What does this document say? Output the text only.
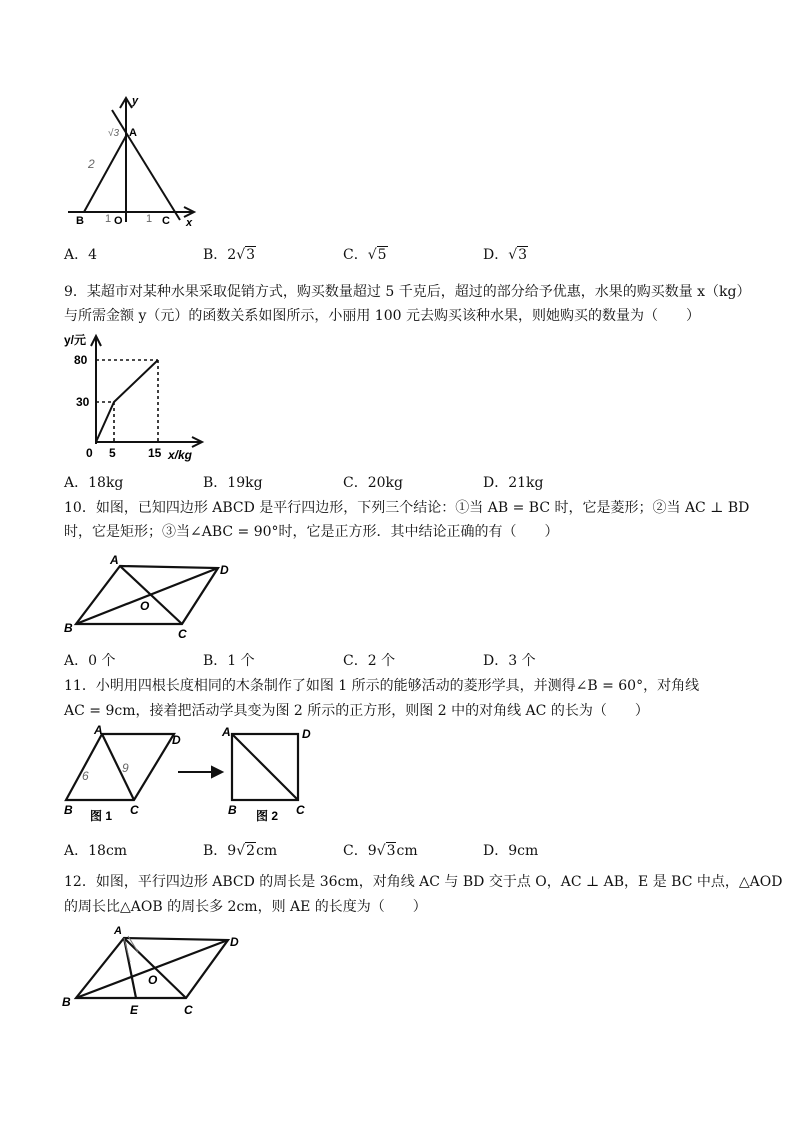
y
A
B	O	C x
√3
2
1	1
A．4	B．2√3	C．√5	D．√3
9．某超市对某种水果采取促销方式，购买数量超过 5 千克后，超过的部分给予优惠，水果的购买数量 x（kg）
与所需金额 y（元）的函数关系如图所示，小丽用 100 元去购买该种水果，则她购买的数量为（　　）
y/元
80
30
0 5	15 x/kg
A．18kg	B．19kg	C．20kg	D．21kg
10．如图，已知四边形 ABCD 是平行四边形，下列三个结论：①当 AB = BC 时，它是菱形；②当 AC ⊥ BD
时，它是矩形；③当∠ABC = 90°时，它是正方形．其中结论正确的有（　　）
A
D
B	C
O
A．0 个	B．1 个	C．2 个	D．3 个
11．小明用四根长度相同的木条制作了如图 1 所示的能够活动的菱形学具，并测得∠B = 60°，对角线
AC = 9cm，接着把活动学具变为图 2 所示的正方形，则图 2 中的对角线 AC 的长为（　　）
A
D
B	C
图 1
9
6
A	D
B	C
图 2
A．18cm	B．9√2cm	C．9√3cm	D．9cm
12．如图，平行四边形 ABCD 的周长是 36cm，对角线 AC 与 BD 交于点 O，AC ⊥ AB，E 是 BC 中点，△AOD
的周长比△AOB 的周长多 2cm，则 AE 的长度为（　　）
A
D
B
C
E
O
